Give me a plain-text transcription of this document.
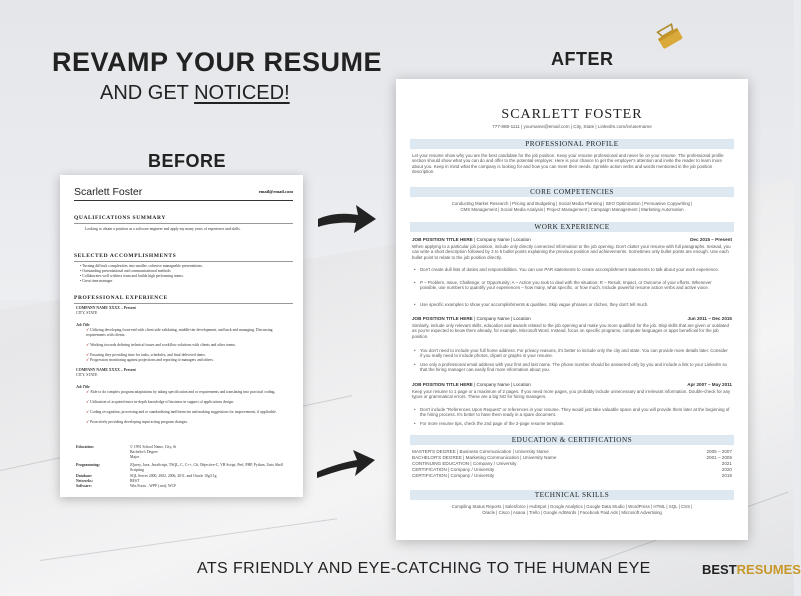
REVAMP YOUR RESUME
AND GET NOTICED!
BEFORE
AFTER
Scarlett Foster	email@email.com
QUALIFICATIONS SUMMARY
Looking to obtain a position as a software engineer and apply my many years of experience and skills.
SELECTED ACCOMPLISHMENTS
• Turning difficult complexities into smaller, cohesive manageable presentations.
• Outstanding presentational and communicational methods
• Collaborates well within a team and builds high performing teams.
• Great time manager
PROFESSIONAL EXPERIENCE
COMPANY NAME XXXX – Present
CITY, STATE
Job Title
✓ Utilizing developing front-end with client side validating, middle-tier development, and back end managing. Discussing requirements with clients.
✓ Working towards defining technical issues and workflow solutions with clients and other teams.
✓ Ensuring they providing time for tasks, schedules, and final delivered items.
✓ Progression monitoring against projections and reporting to managers and others.
COMPANY NAME XXXX – Present
CITY, STATE
Job Title
✓ Able to do complex program adaptations by taking specification and or requirements and translating into practical coding.
✓ Utilization of acquired more in-depth knowledge of business in support of applications design.
✓ Coding recognition, processing and or standardizing inefficiencies and making suggestions for improvement, if applicable.
✓ Proactively providing developing input acting program changes.
Education:	© 1991 School Name, City, St
Bachelor's Degree
Major
Programming:	JQuery, Java, JavaScript, TSQL, C, C++, C#, Objective-C, VB Script, Perl, PHP, Python, Unix Shell Scripting
Database:	SQL Server 2000, 2002, 2006, 2011, and Oracle 10g/11g
Networks:	BEST
Software:	Win Form – WPF (.net), WCF
SCARLETT FOSTER
777-888-1111 | yourname@email.com | City, State | LinkedIn.com/in/username
PROFESSIONAL PROFILE
Let your resume show why you are the best candidate for the job position. Keep your resume professional and never lie on your resume. The professional profile section should show what you can do and offer to the potential employer. Here is your chance to get the employer's attention and invite the reader to learn more about you. Keep in mind what the company is looking for and how you can meet their needs. Sprinkle action verbs and words mentioned in the job position description.
CORE COMPETENCIES
Conducting Market Research | Pricing and Budgeting | Social Media Planning | SEO Optimization | Persuasive Copywriting |
CMS Management | Social Media Analysis | Project Management | Campaign Management | Marketing Automation
WORK EXPERIENCE
JOB POSITION TITLE HERE | Company Name | Location	Dec 2015 – Present
When applying to a particular job position, include only directly connected information to the job opening. Don't clutter your resume with full paragraphs. Instead, you can write a short description followed by 3 to 5 bullet points explaining the previous position and achievements. Sometimes only bullet points are enough. Use each bullet point to relate to the job position directly.
• Don't create dull lists of duties and responsibilities. You can use PAR statements to create accomplishment statements to talk about your work experience.
• P – Problem, Issue, Challenge, or Opportunity; A – Action you took to deal with the situation; R – Result, Impact, or Outcome of your efforts. Whenever possible, use numbers to quantify your experiences – how many, what specific, or how much. Include powerful resume action verbs and active voice.
• Use specific examples to show your accomplishments & qualities. Skip vague phrases or cliches, they don't tell much.
JOB POSITION TITLE HERE | Company Name | Location	Jun 2011 – Dec 2015
Similarly, include only relevant skills, education and awards related to the job opening and make you more qualified for the job. Skip skills that are given or outdated as you're expected to know them already, for example, Microsoft Word. Instead, focus on specific programs, computer languages or apps beneficial for the job position.
• You don't need to include your full home address. For privacy reasons, it's better to include only the city and state. You can provide more details later. Consider if you really need to include photos, clipart or graphs in your resume.
• Use only a professional email address with your first and last name. The phone number should be answered only by you and include a link to your LinkedIn so that the hiring manager can easily find more information about you.
JOB POSITION TITLE HERE | Company Name | Location	Apr 2007 – May 2011
Keep your resume to 1 page or a maximum of 2 pages. If you need more pages, you probably include unnecessary and irrelevant information. Double-check for any typos or grammatical errors. These are a big NO for hiring managers.
• Don't include "References Upon Request" or references in your resume. They would just take valuable space and you will provide them later at the beginning of the hiring process. It's better to have them ready in a spare document.
• For more resume tips, check the 2nd page of the 2-page resume template.
EDUCATION & CERTIFICATIONS
MASTER'S DEGREE | Business Communication | University Name	2005 – 2007
BACHELOR'S DEGREE | Marketing Communication | University Name	2001 – 2005
CONTINUING EDUCATION | Company / University	2021
CERTIFICATION | Company / University	2020
CERTIFICATION | Company / University	2019
TECHNICAL SKILLS
Compiling Status Reports | Salesforce | HubSpot | Google Analytics | Google Data Studio | WordPress | HTML | SQL | CSS |
Oracle | Cisco | Asana | Trello | Google AdWords | Facebook Paid Ads | Microsoft Advertising
ATS FRIENDLY AND EYE-CATCHING TO THE HUMAN EYE	BESTRESUMES
